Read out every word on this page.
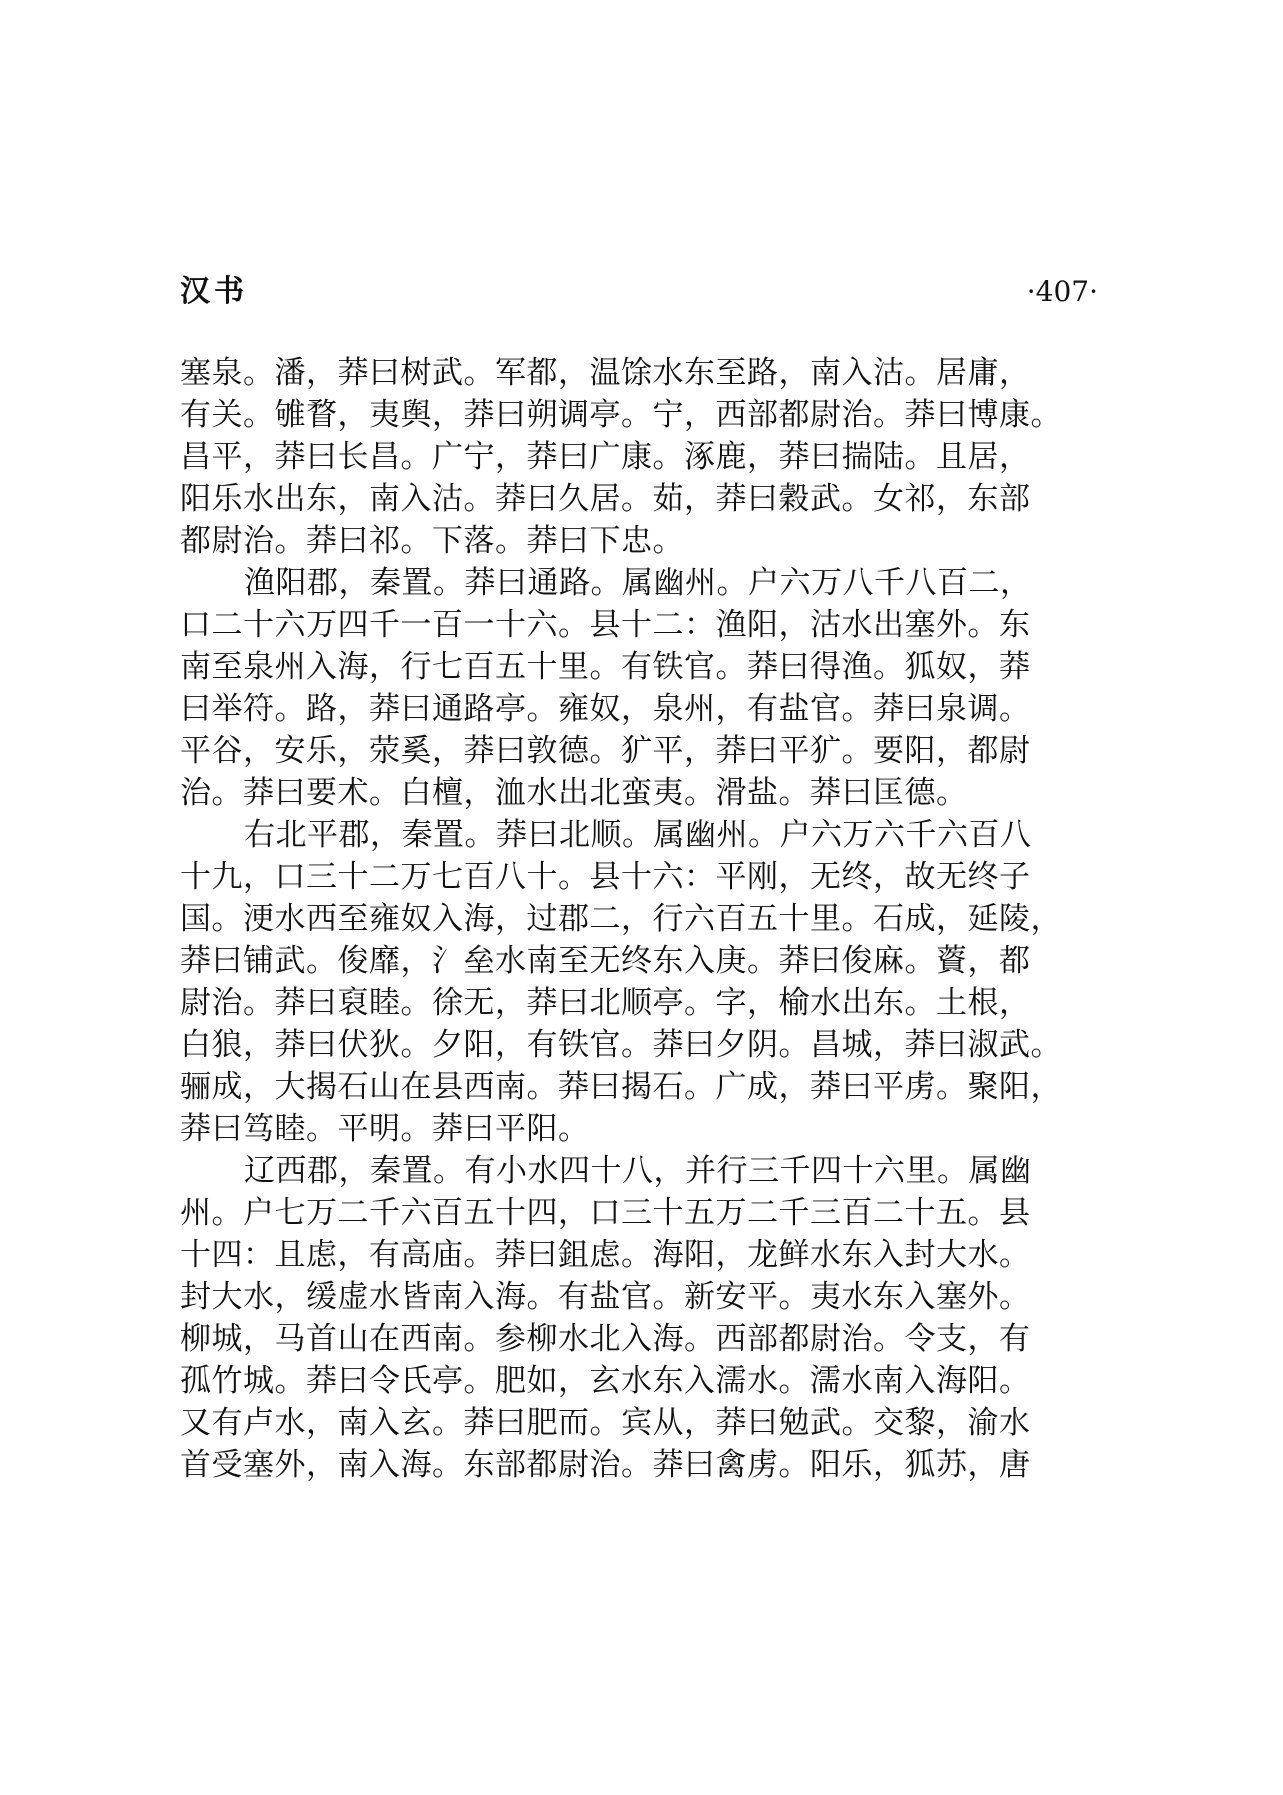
汉书	·407·
塞泉。潘，莽曰树武。军都，温馀水东至路，南入沽。居庸，
有关。雊瞀，夷舆，莽曰朔调亭。宁，西部都尉治。莽曰博康。
昌平，莽曰长昌。广宁，莽曰广康。涿鹿，莽曰揣陆。且居，
阳乐水出东，南入沽。莽曰久居。茹，莽曰穀武。女祁，东部
都尉治。莽曰祁。下落。莽曰下忠。
渔阳郡，秦置。莽曰通路。属幽州。户六万八千八百二，
口二十六万四千一百一十六。县十二：渔阳，沽水出塞外。东
南至泉州入海，行七百五十里。有铁官。莽曰得渔。狐奴，莽
曰举符。路，莽曰通路亭。雍奴，泉州，有盐官。莽曰泉调。
平谷，安乐，荥奚，莽曰敦德。犷平，莽曰平犷。要阳，都尉
治。莽曰要术。白檀，洫水出北蛮夷。滑盐。莽曰匡德。
右北平郡，秦置。莽曰北顺。属幽州。户六万六千六百八
十九，口三十二万七百八十。县十六：平刚，无终，故无终子
国。浭水西至雍奴入海，过郡二，行六百五十里。石成，延陵，
莽曰铺武。俊靡，氵垒水南至无终东入庚。莽曰俊麻。薋，都
尉治。莽曰裒睦。徐无，莽曰北顺亭。字，榆水出东。土根，
白狼，莽曰伏狄。夕阳，有铁官。莽曰夕阴。昌城，莽曰淑武。
骊成，大揭石山在县西南。莽曰揭石。广成，莽曰平虏。聚阳，
莽曰笃睦。平明。莽曰平阳。
辽西郡，秦置。有小水四十八，并行三千四十六里。属幽
州。户七万二千六百五十四，口三十五万二千三百二十五。县
十四：且虑，有高庙。莽曰鉏虑。海阳，龙鲜水东入封大水。
封大水，缓虚水皆南入海。有盐官。新安平。夷水东入塞外。
柳城，马首山在西南。参柳水北入海。西部都尉治。令支，有
孤竹城。莽曰令氏亭。肥如，玄水东入濡水。濡水南入海阳。
又有卢水，南入玄。莽曰肥而。宾从，莽曰勉武。交黎，渝水
首受塞外，南入海。东部都尉治。莽曰禽虏。阳乐，狐苏，唐
